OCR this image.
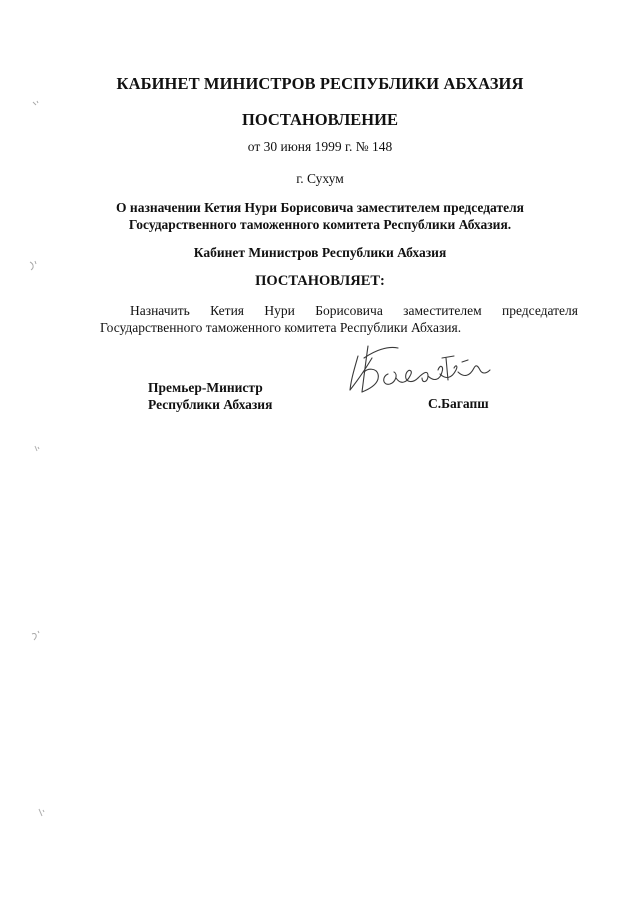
КАБИНЕТ МИНИСТРОВ РЕСПУБЛИКИ АБХАЗИЯ
ПОСТАНОВЛЕНИЕ
от 30 июня 1999 г. № 148
г. Сухум
О назначении Кетия Нури Борисовича заместителем председателя
Государственного таможенного комитета Республики Абхазия.
Кабинет Министров Республики Абхазия
ПОСТАНОВЛЯЕТ:
Назначить Кетия Нури Борисовича заместителем председателя
Государственного таможенного комитета Республики Абхазия.
Премьер-Министр
Республики Абхазия	С.Багапш
